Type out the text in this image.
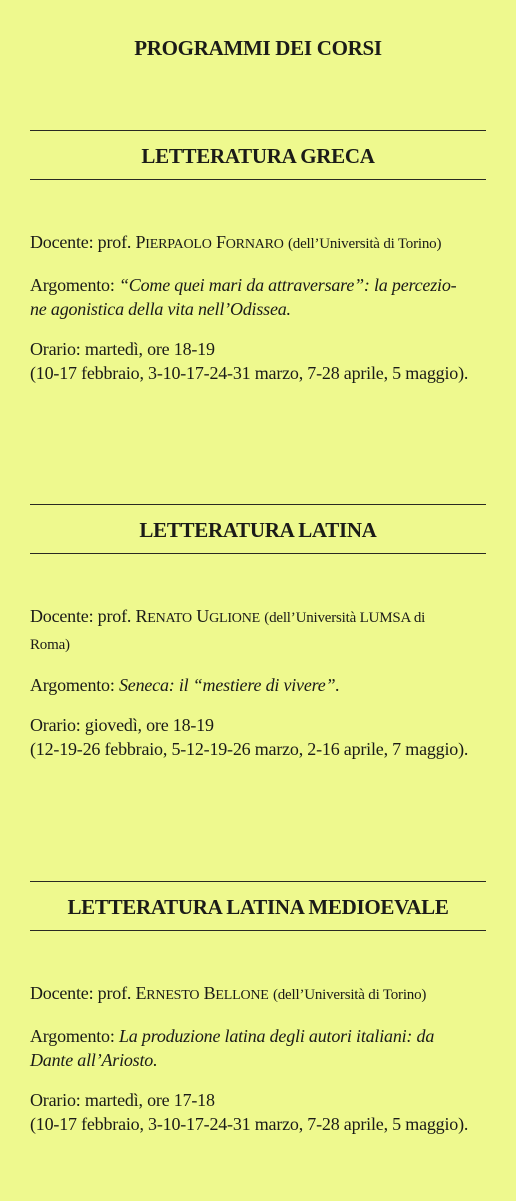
PROGRAMMI DEI CORSI
LETTERATURA GRECA

Docente: prof. PIERPAOLO FORNARO (dell’Università di Torino)

Argomento: “Come quei mari da attraversare”: la percezio-
ne agonistica della vita nell’Odissea.

Orario: martedì, ore 18-19
(10-17 febbraio, 3-10-17-24-31 marzo, 7-28 aprile, 5 maggio).

LETTERATURA LATINA

Docente: prof. RENATO UGLIONE (dell’Università LUMSA di
Roma)

Argomento: Seneca: il “mestiere di vivere”.

Orario: giovedì, ore 18-19
(12-19-26 febbraio, 5-12-19-26 marzo, 2-16 aprile, 7 maggio).

LETTERATURA LATINA MEDIOEVALE

Docente: prof. ERNESTO BELLONE (dell’Università di Torino)

Argomento: La produzione latina degli autori italiani: da
Dante all’Ariosto.

Orario: martedì, ore 17-18
(10-17 febbraio, 3-10-17-24-31 marzo, 7-28 aprile, 5 maggio).
